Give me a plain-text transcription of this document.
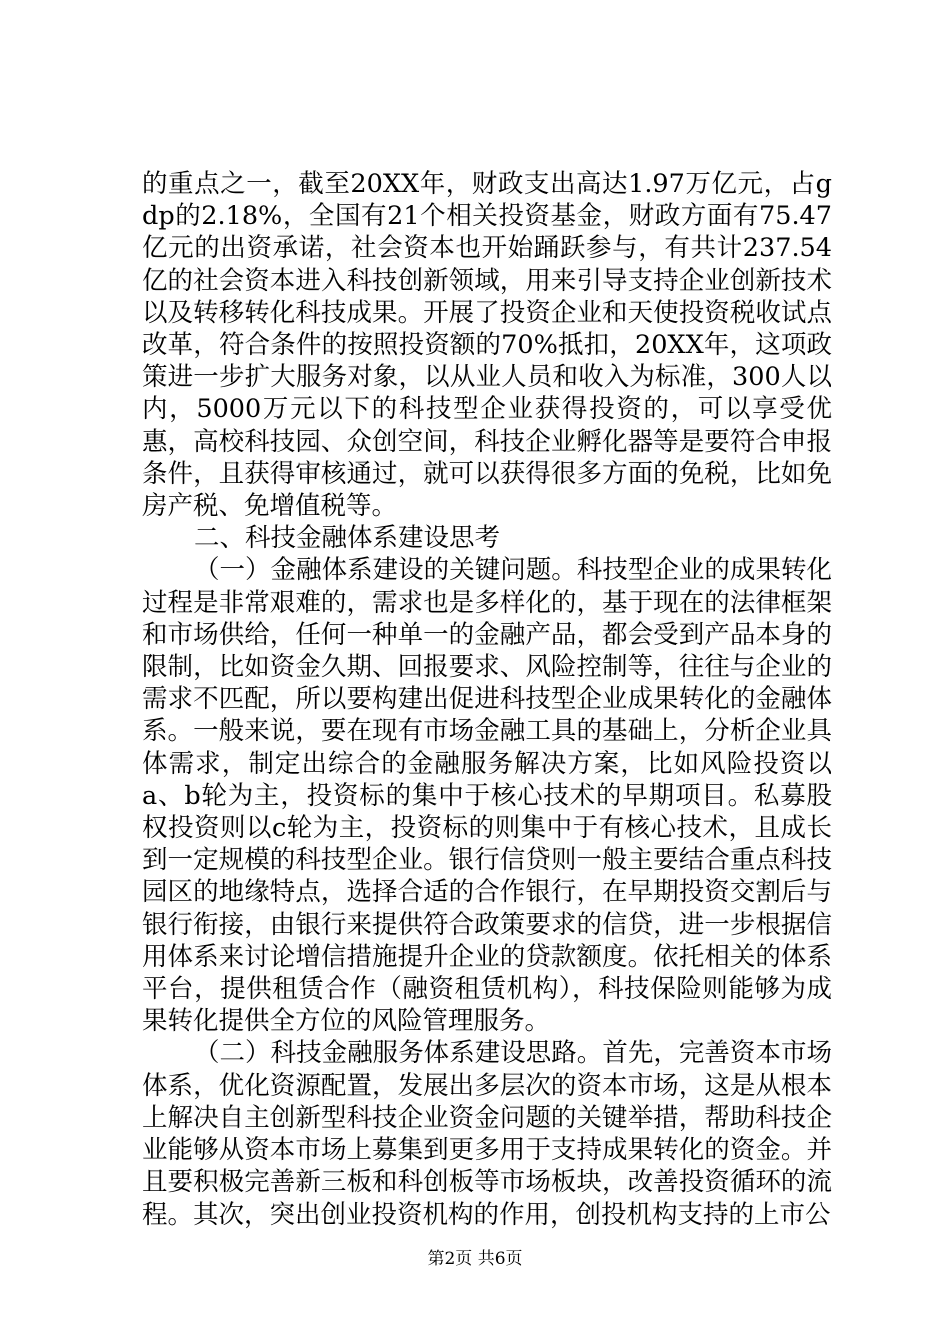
的重点之一，截至20XX年，财政支出高达1.97万亿元，占gdp的2.18%，全国有21个相关投资基金，财政方面有75.47亿元的出资承诺，社会资本也开始踊跃参与，有共计237.54亿的社会资本进入科技创新领域，用来引导支持企业创新技术以及转移转化科技成果。开展了投资企业和天使投资税收试点改革，符合条件的按照投资额的70%抵扣，20XX年，这项政策进一步扩大服务对象，以从业人员和收入为标准，300人以内，5000万元以下的科技型企业获得投资的，可以享受优惠，高校科技园、众创空间，科技企业孵化器等是要符合申报条件，且获得审核通过，就可以获得很多方面的免税，比如免房产税、免增值税等。

二、科技金融体系建设思考

（一）金融体系建设的关键问题。科技型企业的成果转化过程是非常艰难的，需求也是多样化的，基于现在的法律框架和市场供给，任何一种单一的金融产品，都会受到产品本身的限制，比如资金久期、回报要求、风险控制等，往往与企业的需求不匹配，所以要构建出促进科技型企业成果转化的金融体系。一般来说，要在现有市场金融工具的基础上，分析企业具体需求，制定出综合的金融服务解决方案，比如风险投资以a、b轮为主，投资标的集中于核心技术的早期项目。私募股权投资则以c轮为主，投资标的则集中于有核心技术，且成长到一定规模的科技型企业。银行信贷则一般主要结合重点科技园区的地缘特点，选择合适的合作银行，在早期投资交割后与银行衔接，由银行来提供符合政策要求的信贷，进一步根据信用体系来讨论增信措施提升企业的贷款额度。依托相关的体系平台，提供租赁合作（融资租赁机构），科技保险则能够为成果转化提供全方位的风险管理服务。

（二）科技金融服务体系建设思路。首先，完善资本市场体系，优化资源配置，发展出多层次的资本市场，这是从根本上解决自主创新型科技企业资金问题的关键举措，帮助科技企业能够从资本市场上募集到更多用于支持成果转化的资金。并且要积极完善新三板和科创板等市场板块，改善投资循环的流程。其次，突出创业投资机构的作用，创投机构支持的上市公

第2页 共6页
